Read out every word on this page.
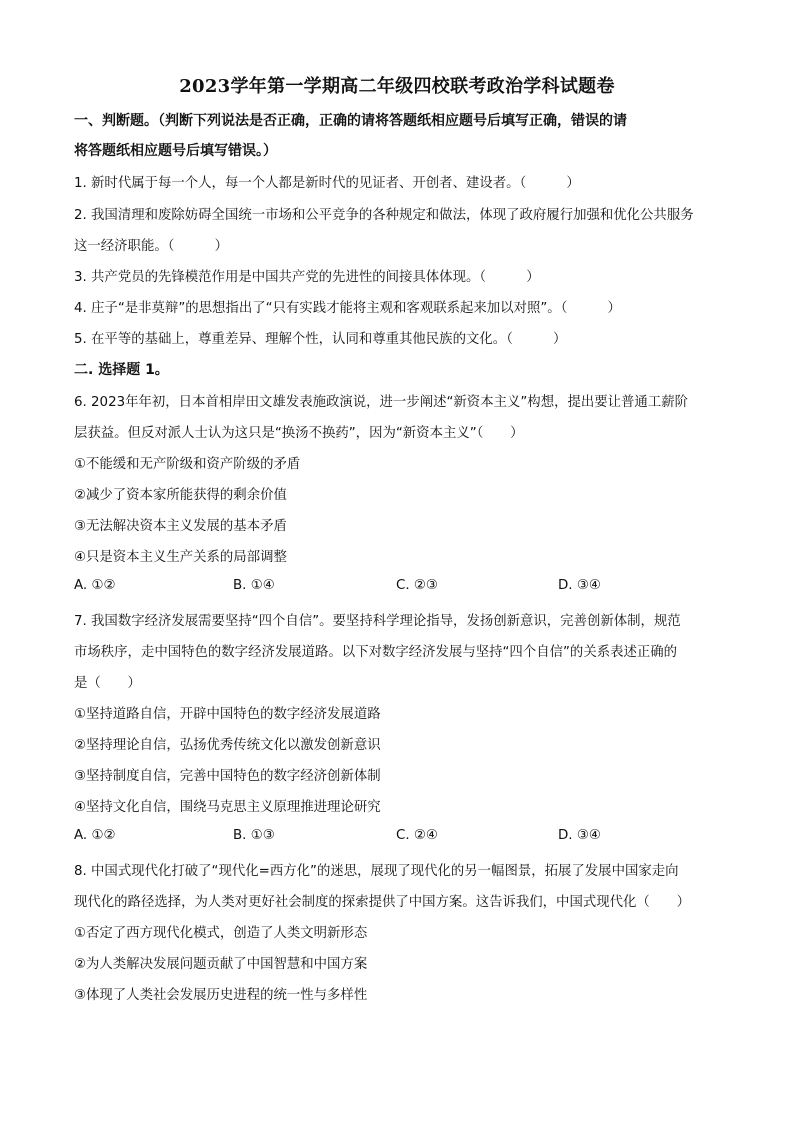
2023学年第一学期高二年级四校联考政治学科试题卷
一、判断题。（判断下列说法是否正确，正确的请将答题纸相应题号后填写正确，错误的请
将答题纸相应题号后填写错误。）
1. 新时代属于每一个人，每一个人都是新时代的见证者、开创者、建设者。（　　　）
2. 我国清理和废除妨碍全国统一市场和公平竞争的各种规定和做法，体现了政府履行加强和优化公共服务
这一经济职能。（　　　）
3. 共产党员的先锋模范作用是中国共产党的先进性的间接具体体现。（　　　）
4. 庄子“是非莫辩”的思想指出了“只有实践才能将主观和客观联系起来加以对照”。（　　　）
5. 在平等的基础上，尊重差异、理解个性，认同和尊重其他民族的文化。（　　　）
二. 选择题 1。
6. 2023年年初，日本首相岸田文雄发表施政演说，进一步阐述“新资本主义”构想，提出要让普通工薪阶
层获益。但反对派人士认为这只是“换汤不换药”，因为“新资本主义”（　　）
①不能缓和无产阶级和资产阶级的矛盾
②减少了资本家所能获得的剩余价值
③无法解决资本主义发展的基本矛盾
④只是资本主义生产关系的局部调整
A. ①②	B. ①④	C. ②③	D. ③④
7. 我国数字经济发展需要坚持“四个自信”。要坚持科学理论指导，发扬创新意识，完善创新体制，规范
市场秩序，走中国特色的数字经济发展道路。以下对数字经济发展与坚持“四个自信”的关系表述正确的
是（　　）
①坚持道路自信，开辟中国特色的数字经济发展道路
②坚持理论自信，弘扬优秀传统文化以激发创新意识
③坚持制度自信，完善中国特色的数字经济创新体制
④坚持文化自信，围绕马克思主义原理推进理论研究
A. ①②	B. ①③	C. ②④	D. ③④
8. 中国式现代化打破了“现代化=西方化”的迷思，展现了现代化的另一幅图景，拓展了发展中国家走向
现代化的路径选择，为人类对更好社会制度的探索提供了中国方案。这告诉我们，中国式现代化（　　）
①否定了西方现代化模式，创造了人类文明新形态
②为人类解决发展问题贡献了中国智慧和中国方案
③体现了人类社会发展历史进程的统一性与多样性
